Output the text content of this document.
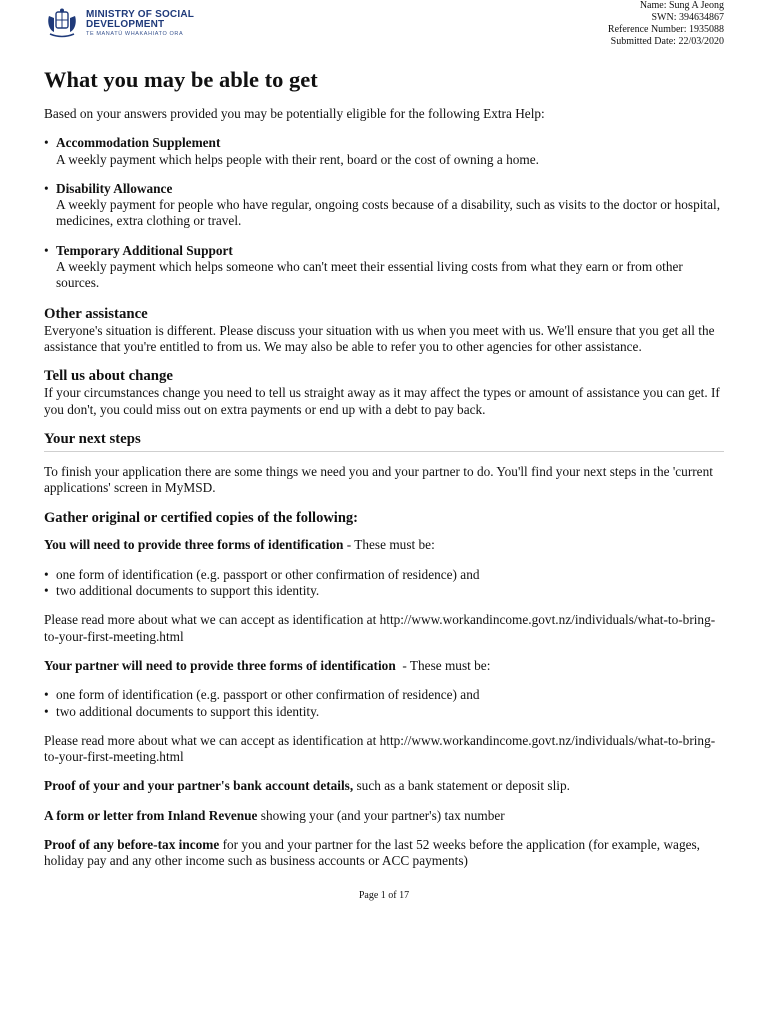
MINISTRY OF SOCIAL
DEVELOPMENT
TE MANATŪ WHAKAHIATO ORA
Name: Sung A Jeong
SWN: 394634867
Reference Number: 1935088
Submitted Date: 22/03/2020
What you may be able to get

Based on your answers provided you may be potentially eligible for the following Extra Help:

• Accommodation Supplement
A weekly payment which helps people with their rent, board or the cost of owning a home.
• Disability Allowance
A weekly payment for people who have regular, ongoing costs because of a disability, such as visits to the doctor or hospital, medicines, extra clothing or travel.
• Temporary Additional Support
A weekly payment which helps someone who can't meet their essential living costs from what they earn or from other sources.
Other assistance

Everyone's situation is different. Please discuss your situation with us when you meet with us. We'll ensure that you get all the assistance that you're entitled to from us. We may also be able to refer you to other agencies for other assistance.

Tell us about change

If your circumstances change you need to tell us straight away as it may affect the types or amount of assistance you can get. If you don't, you could miss out on extra payments or end up with a debt to pay back.

Your next steps

To finish your application there are some things we need you and your partner to do. You'll find your next steps in the 'current applications' screen in MyMSD.

Gather original or certified copies of the following:

You will need to provide three forms of identification - These must be:

• one form of identification (e.g. passport or other confirmation of residence) and
• two additional documents to support this identity.

Please read more about what we can accept as identification at http://www.workandincome.govt.nz/individuals/what-to-bring-to-your-first-meeting.html

Your partner will need to provide three forms of identification  - These must be:

• one form of identification (e.g. passport or other confirmation of residence) and
• two additional documents to support this identity.

Please read more about what we can accept as identification at http://www.workandincome.govt.nz/individuals/what-to-bring-to-your-first-meeting.html

Proof of your and your partner's bank account details, such as a bank statement or deposit slip.

A form or letter from Inland Revenue showing your (and your partner's) tax number

Proof of any before-tax income for you and your partner for the last 52 weeks before the application (for example, wages, holiday pay and any other income such as business accounts or ACC payments)

Page 1 of 17
